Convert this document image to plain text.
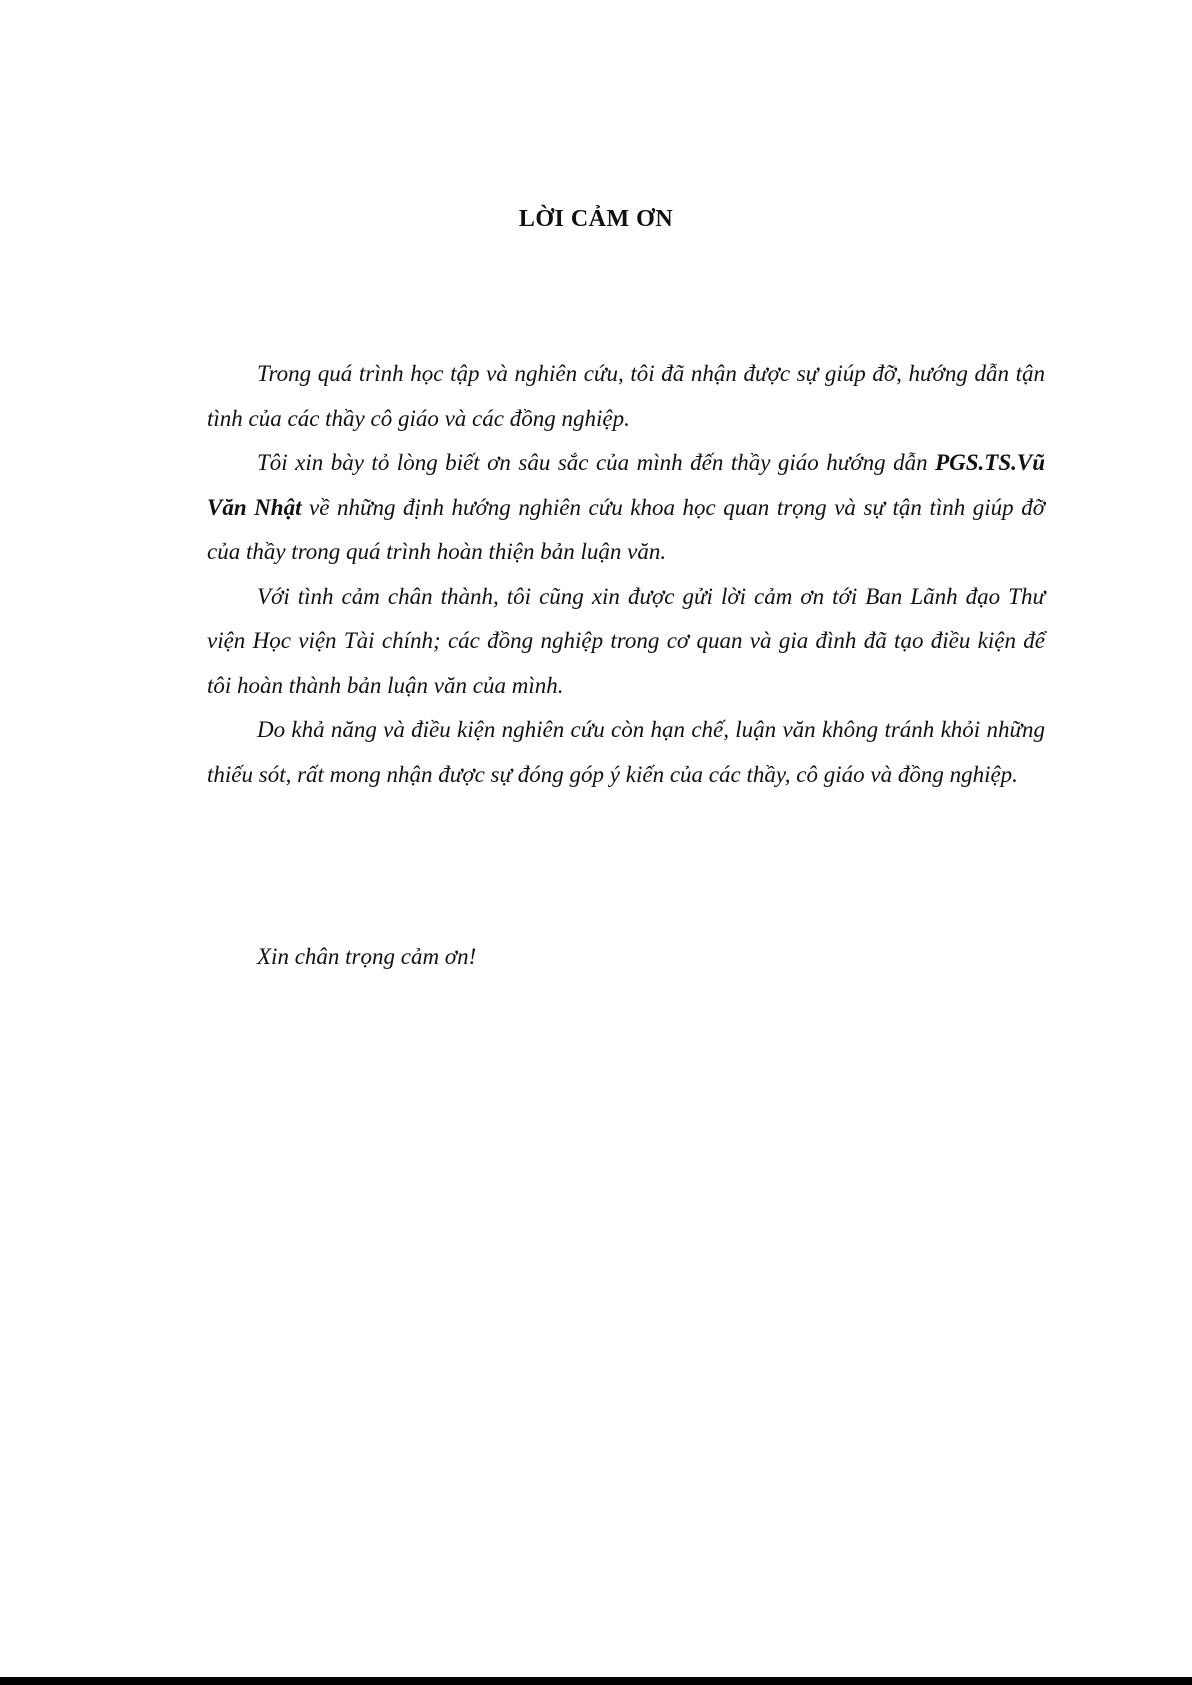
LỜI CẢM ƠN

Trong quá trình học tập và nghiên cứu, tôi đã nhận được sự giúp đỡ, hướng dẫn tận tình của các thầy cô giáo và các đồng nghiệp.

Tôi xin bày tỏ lòng biết ơn sâu sắc của mình đến thầy giáo hướng dẫn PGS.TS.Vũ Văn Nhật về những định hướng nghiên cứu khoa học quan trọng và sự tận tình giúp đỡ của thầy trong quá trình hoàn thiện bản luận văn.

Với tình cảm chân thành, tôi cũng xin được gửi lời cảm ơn tới Ban Lãnh đạo Thư viện Học viện Tài chính; các đồng nghiệp trong cơ quan và gia đình đã tạo điều kiện để tôi hoàn thành bản luận văn của mình.

Do khả năng và điều kiện nghiên cứu còn hạn chế, luận văn không tránh khỏi những thiếu sót, rất mong nhận được sự đóng góp ý kiến của các thầy, cô giáo và đồng nghiệp.

Xin chân trọng cảm ơn!
